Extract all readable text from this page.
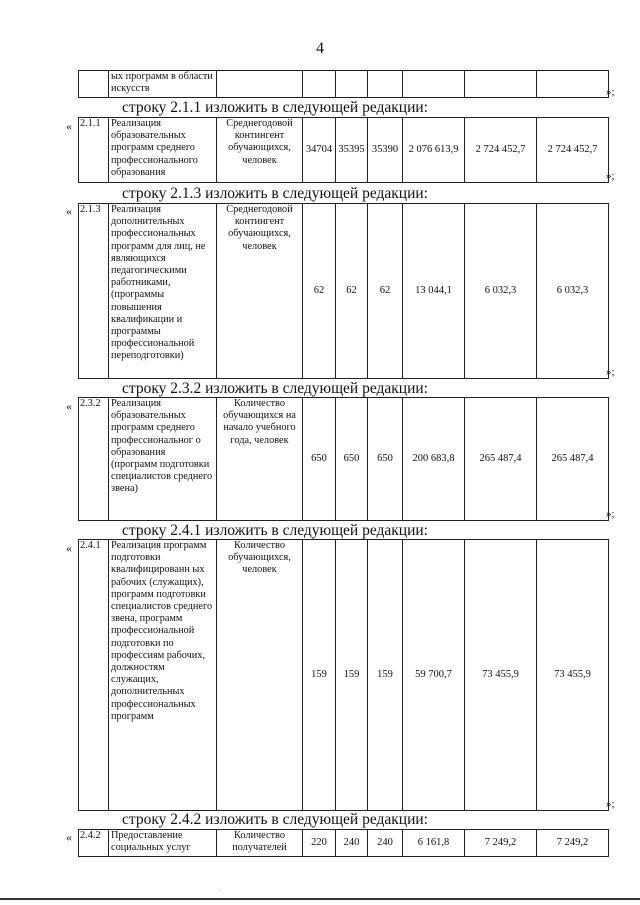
4
	ых программ в области искусств								»;
строку 2.1.1 изложить в следующей редакции:
« 2.1.1	Реализация образовательных программ среднего профессионального образования	Среднегодовой контингент обучающихся, человек	34704	35395	35390	2 076 613,9	2 724 452,7	2 724 452,7
»;
строку 2.1.3 изложить в следующей редакции:
« 2.1.3	Реализация дополнительных профессиональных программ для лиц, не являющихся педагогическими работниками, (программы повышения квалификации и программы профессиональной переподготовки)	Среднегодовой контингент обучающихся, человек	62	62	62	13 044,1	6 032,3	6 032,3
»;
строку 2.3.2 изложить в следующей редакции:
« 2.3.2	Реализация образовательных программ среднего профессиональног о образования (программ подготовки специалистов среднего звена)	Количество обучающихся на начало учебного года, человек	650	650	650	200 683,8	265 487,4	265 487,4
»;
строку 2.4.1 изложить в следующей редакции:
« 2.4.1	Реализация программ подготовки квалифицированн ых рабочих (служащих), программ подготовки специалистов среднего звена, программ профессиональной подготовки по профессиям рабочих, должностям служащих, дополнительных профессиональных программ	Количество обучающихся, человек	159	159	159	59 700,7	73 455,9	73 455,9
»;
строку 2.4.2 изложить в следующей редакции:
« 2.4.2	Предоставление социальных услуг	Количество получателей	220	240	240	6 161,8	7 249,2	7 249,2
·
